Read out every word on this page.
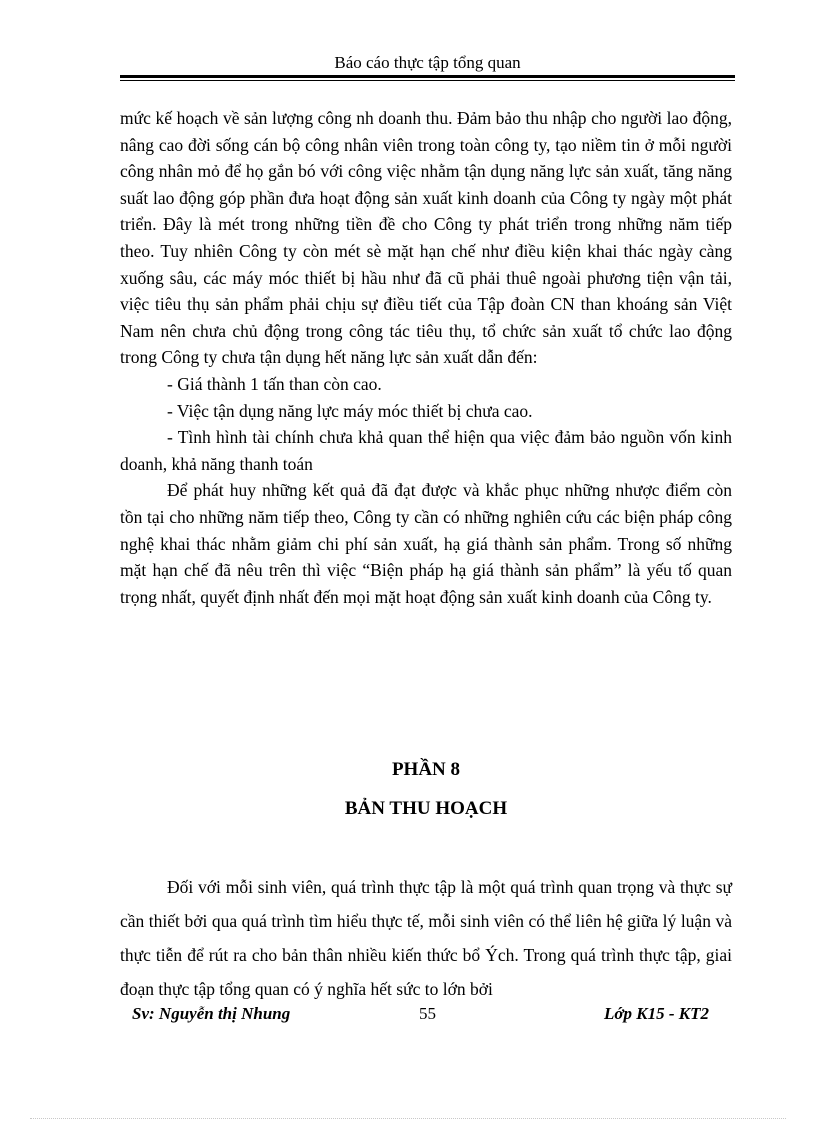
Báo cáo thực tập tổng quan

mức kế hoạch về sản lượng công nh doanh thu. Đảm bảo thu nhập cho người lao động, nâng cao đời sống cán bộ công nhân viên trong toàn công ty, tạo niềm tin ở mỗi người công nhân mỏ để họ gắn bó với công việc nhằm tận dụng năng lực sản xuất, tăng năng suất lao động góp phần đưa hoạt động sản xuất kinh doanh của Công ty ngày một phát triển. Đây là mét trong những tiền đề cho Công ty phát triển trong những năm tiếp theo. Tuy nhiên Công ty còn mét sè mặt hạn chế như điều kiện khai thác ngày càng xuống sâu, các máy móc thiết bị hầu như đã cũ phải thuê ngoài phương tiện vận tải, việc tiêu thụ sản phẩm phải chịu sự điều tiết của Tập đoàn CN than khoáng sản Việt Nam nên chưa chủ động trong công tác tiêu thụ, tổ chức sản xuất tổ chức lao động trong Công ty chưa tận dụng hết năng lực sản xuất dẫn đến:

- Giá thành 1 tấn than còn cao.

- Việc tận dụng năng lực máy móc thiết bị chưa cao.

- Tình hình tài chính chưa khả quan thể hiện qua việc đảm bảo nguồn vốn kinh doanh, khả năng thanh toán

Để phát huy những kết quả đã đạt được và khắc phục những nhược điểm còn tồn tại cho những năm tiếp theo, Công ty cần có những nghiên cứu các biện pháp công nghệ khai thác nhằm giảm chi phí sản xuất, hạ giá thành sản phẩm. Trong số những mặt hạn chế đã nêu trên thì việc “Biện pháp hạ giá thành sản phẩm” là yếu tố quan trọng nhất, quyết định nhất đến mọi mặt hoạt động sản xuất kinh doanh của Công ty.

PHẦN 8
BẢN THU HOẠCH

Đối với mỗi sinh viên, quá trình thực tập là một quá trình quan trọng và thực sự cần thiết bởi qua quá trình tìm hiểu thực tế, mỗi sinh viên có thể liên hệ giữa lý luận và thực tiễn để rút ra cho bản thân nhiều kiến thức bổ Ých. Trong quá trình thực tập, giai đoạn thực tập tổng quan có ý nghĩa hết sức to lớn bởi

Sv: Nguyễn thị Nhung	55	Lớp K15 - KT2
